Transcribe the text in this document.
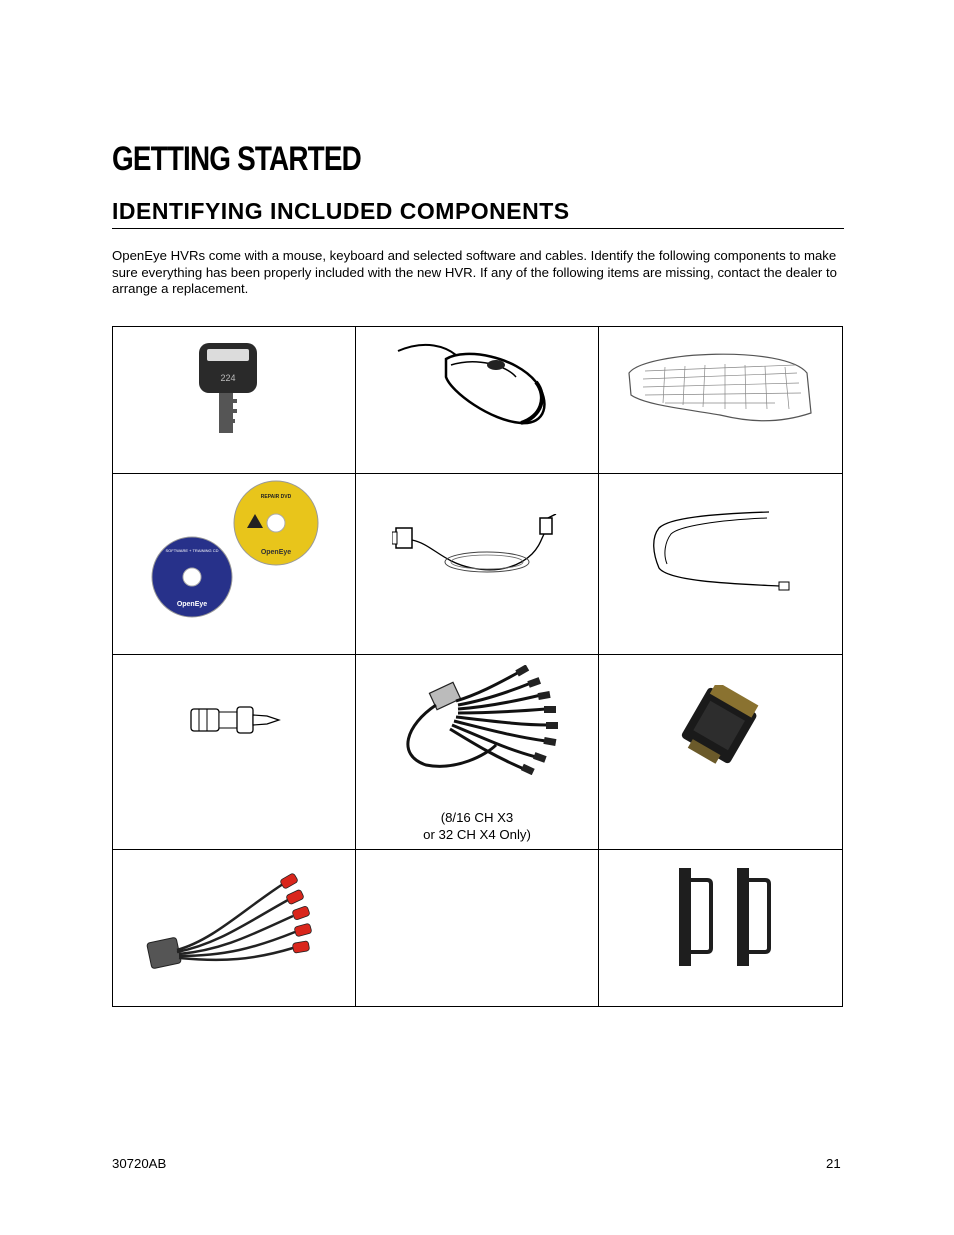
GETTING STARTED
IDENTIFYING INCLUDED COMPONENTS

OpenEye HVRs come with a mouse, keyboard and selected software and cables. Identify the following components to make sure everything has been properly included with the new HVR. If any of the following items are missing, contact the dealer to arrange a replacement.

224
REPAIR DVD
OpenEye
SOFTWARE + TRAINING CD
OpenEye
(8/16 CH X3
or 32 CH X4 Only)
30720AB	21
